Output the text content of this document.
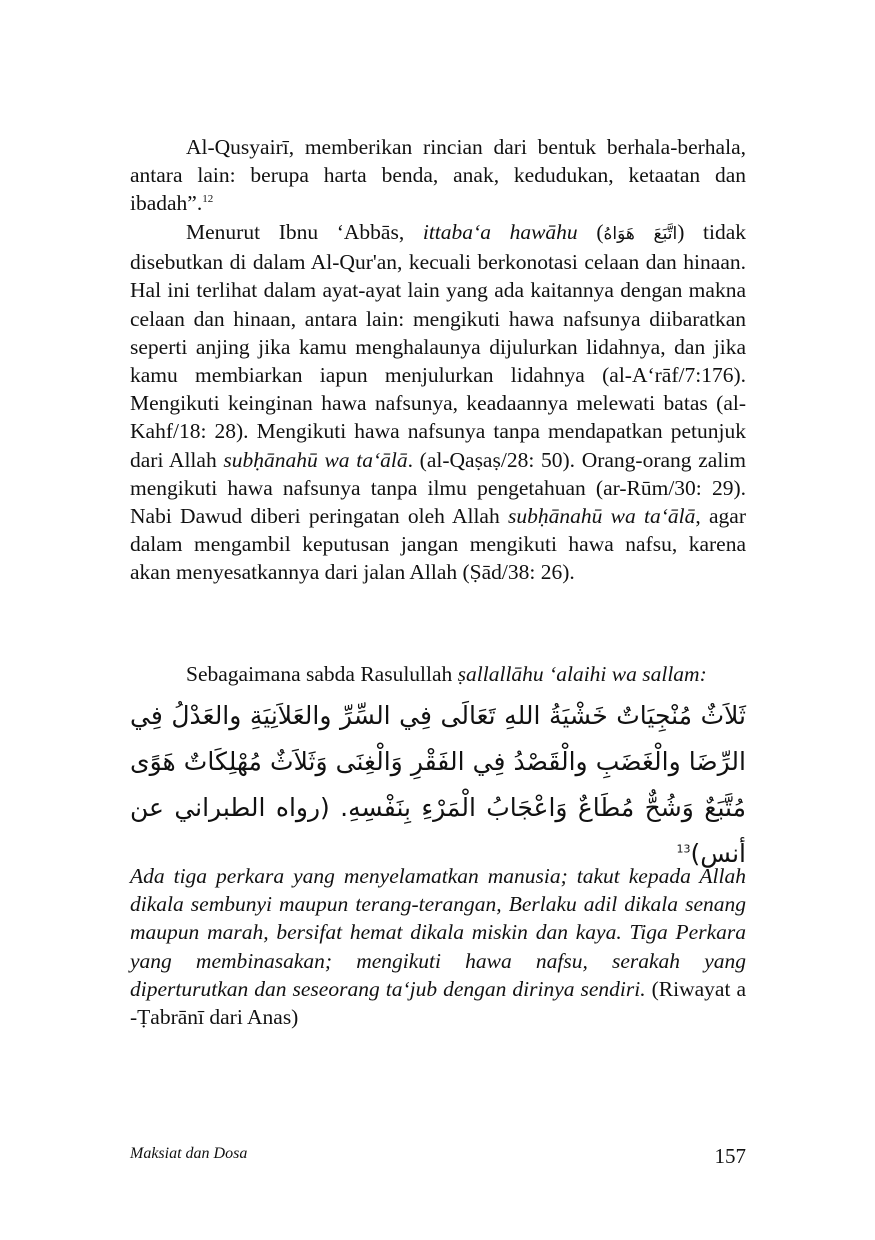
Al-Qusyairī, memberikan rincian dari bentuk berhala-berhala, antara lain: berupa harta benda, anak, kedudukan, ketaatan dan ibadah”.$^{12}$

Menurut Ibnu ‘Abbās, ittaba‘a hawāhu (اتَّبَعَ هَوَاهُ) tidak disebutkan di dalam Al-Qur'an, kecuali berkonotasi celaan dan hinaan. Hal ini terlihat dalam ayat-ayat lain yang ada kaitannya dengan makna celaan dan hinaan, antara lain: mengikuti hawa nafsunya diibaratkan seperti anjing jika kamu menghalaunya dijulurkan lidahnya, dan jika kamu membiarkan iapun menjulurkan lidahnya (al-A‘rāf/7:176). Mengikuti keinginan hawa nafsunya, keadaannya melewati batas (al-Kahf/18: 28). Mengikuti hawa nafsunya tanpa mendapatkan petunjuk dari Allah subḥānahū wa ta‘ālā. (al-Qaṣaṣ/28: 50). Orang-orang zalim mengikuti hawa nafsunya tanpa ilmu pengetahuan (ar-Rūm/30: 29). Nabi Dawud diberi peringatan oleh Allah subḥānahū wa ta‘ālā, agar dalam mengambil keputusan jangan mengikuti hawa nafsu, karena akan menyesatkannya dari jalan Allah (Ṣād/38: 26).

Sebagaimana sabda Rasulullah ṣallallāhu ‘alaihi wa sallam:

ثَلاَثٌ مُنْجِيَاتٌ خَشْيَةُ اللهِ تَعَالَى فِي السِّرِّ والعَلاَنِيَةِ والعَدْلُ فِي الرِّضَا والْغَضَبِ والْقَصْدُ فِي الفَقْرِ وَالْغِنَى وَثَلاَثٌ مُهْلِكَاتٌ هَوًى مُتَّبَعٌ وَشُحٌّ مُطَاعٌ وَاعْجَابُ الْمَرْءِ بِنَفْسِهِ. (رواه الطبراني عن أنس)$^{13}$

Ada tiga perkara yang menyelamatkan manusia; takut kepada Allah dikala sembunyi maupun terang-terangan, Berlaku adil dikala senang maupun marah, bersifat hemat dikala miskin dan kaya. Tiga Perkara yang membinasakan; mengikuti hawa nafsu, serakah yang diperturutkan dan seseorang ta‘jub dengan dirinya sendiri. (Riwayat a -Ṭabrānī dari Anas)

Maksiat dan Dosa	157
